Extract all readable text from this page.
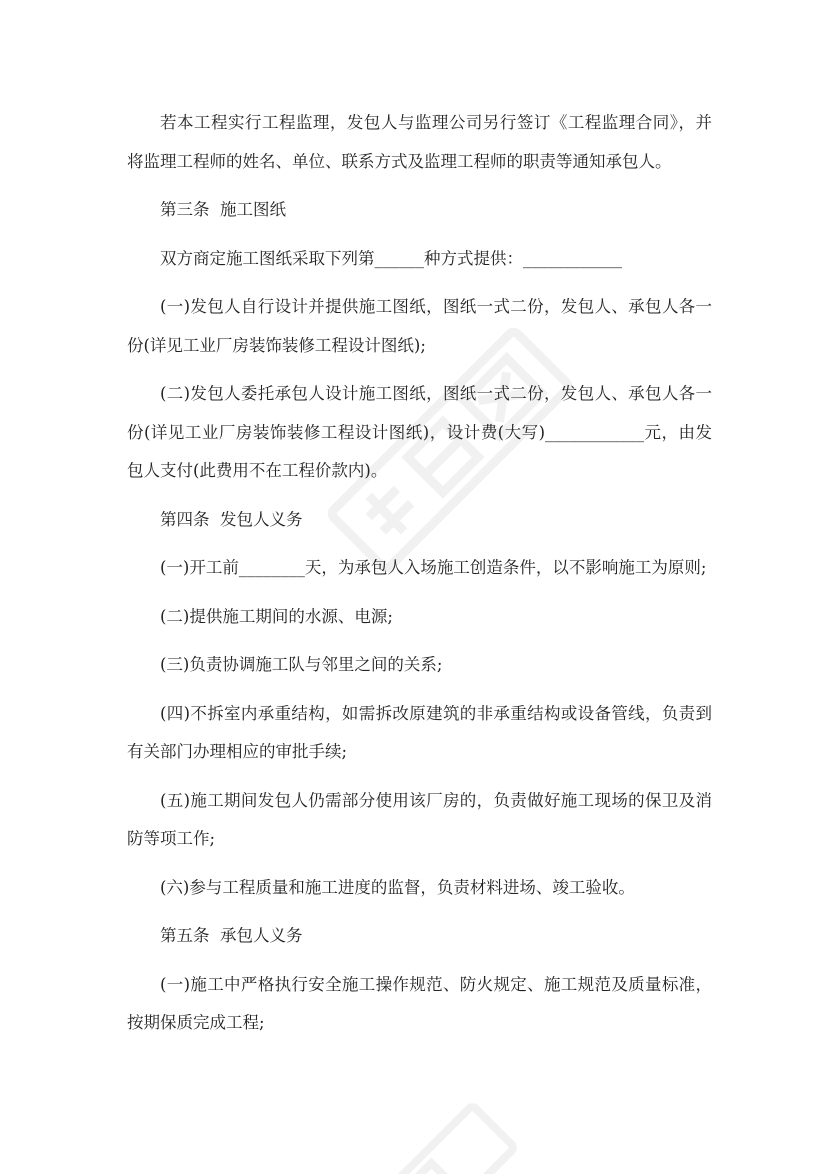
若本工程实行工程监理，发包人与监理公司另行签订《工程监理合同》，并将监理工程师的姓名、单位、联系方式及监理工程师的职责等通知承包人。

第三条  施工图纸

双方商定施工图纸采取下列第______种方式提供：____________

(一)发包人自行设计并提供施工图纸，图纸一式二份，发包人、承包人各一份(详见工业厂房装饰装修工程设计图纸);

(二)发包人委托承包人设计施工图纸，图纸一式二份，发包人、承包人各一份(详见工业厂房装饰装修工程设计图纸)，设计费(大写)____________元，由发包人支付(此费用不在工程价款内)。

第四条  发包人义务

(一)开工前________天，为承包人入场施工创造条件，以不影响施工为原则;

(二)提供施工期间的水源、电源;

(三)负责协调施工队与邻里之间的关系;

(四)不拆室内承重结构，如需拆改原建筑的非承重结构或设备管线，负责到有关部门办理相应的审批手续;

(五)施工期间发包人仍需部分使用该厂房的，负责做好施工现场的保卫及消防等项工作;

(六)参与工程质量和施工进度的监督，负责材料进场、竣工验收。

第五条  承包人义务

(一)施工中严格执行安全施工操作规范、防火规定、施工规范及质量标准，按期保质完成工程;
